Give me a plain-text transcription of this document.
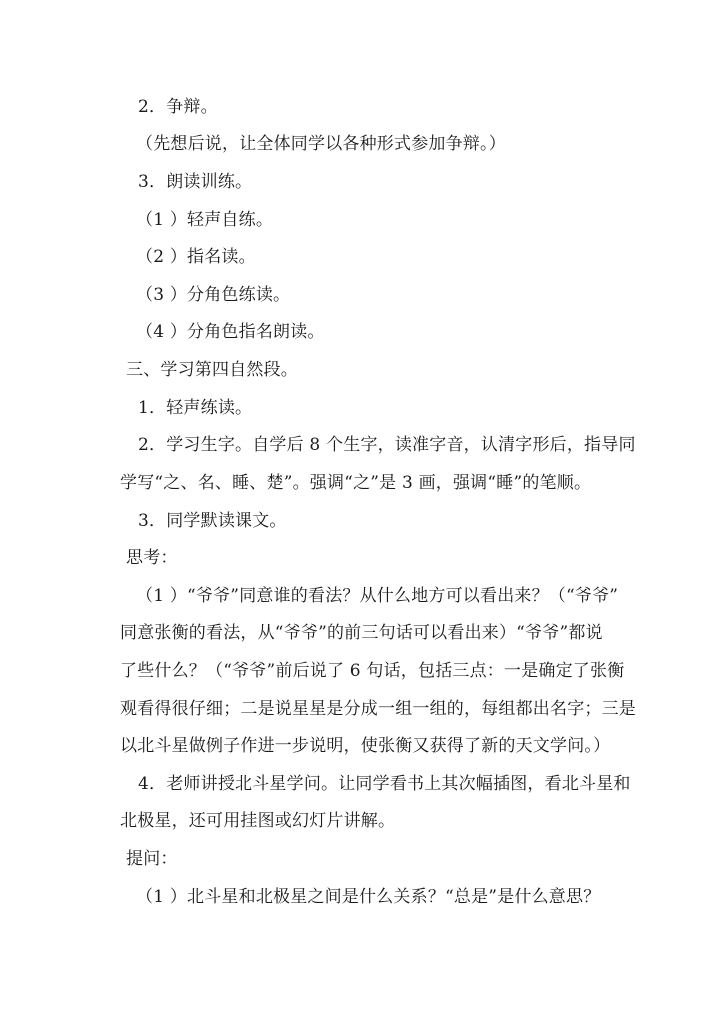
2．争辩。
（先想后说，让全体同学以各种形式参加争辩。）
3．朗读训练。
（1 ）轻声自练。
（2 ）指名读。
（3 ）分角色练读。
（4 ）分角色指名朗读。
三、学习第四自然段。
1．轻声练读。
2．学习生字。自学后 8 个生字，读准字音，认清字形后，指导同
学写“之、名、睡、楚”。强调“之”是 3 画，强调“睡”的笔顺。
3．同学默读课文。
思考：
（1 ）“爷爷”同意谁的看法？从什么地方可以看出来？（“爷爷”
同意张衡的看法，从“爷爷”的前三句话可以看出来）“爷爷”都说
了些什么？（“爷爷”前后说了 6 句话，包括三点：一是确定了张衡
观看得很仔细；二是说星星是分成一组一组的，每组都出名字；三是
以北斗星做例子作进一步说明，使张衡又获得了新的天文学问。）
4．老师讲授北斗星学问。让同学看书上其次幅插图，看北斗星和
北极星，还可用挂图或幻灯片讲解。
提问：
（1 ）北斗星和北极星之间是什么关系？“总是”是什么意思？
